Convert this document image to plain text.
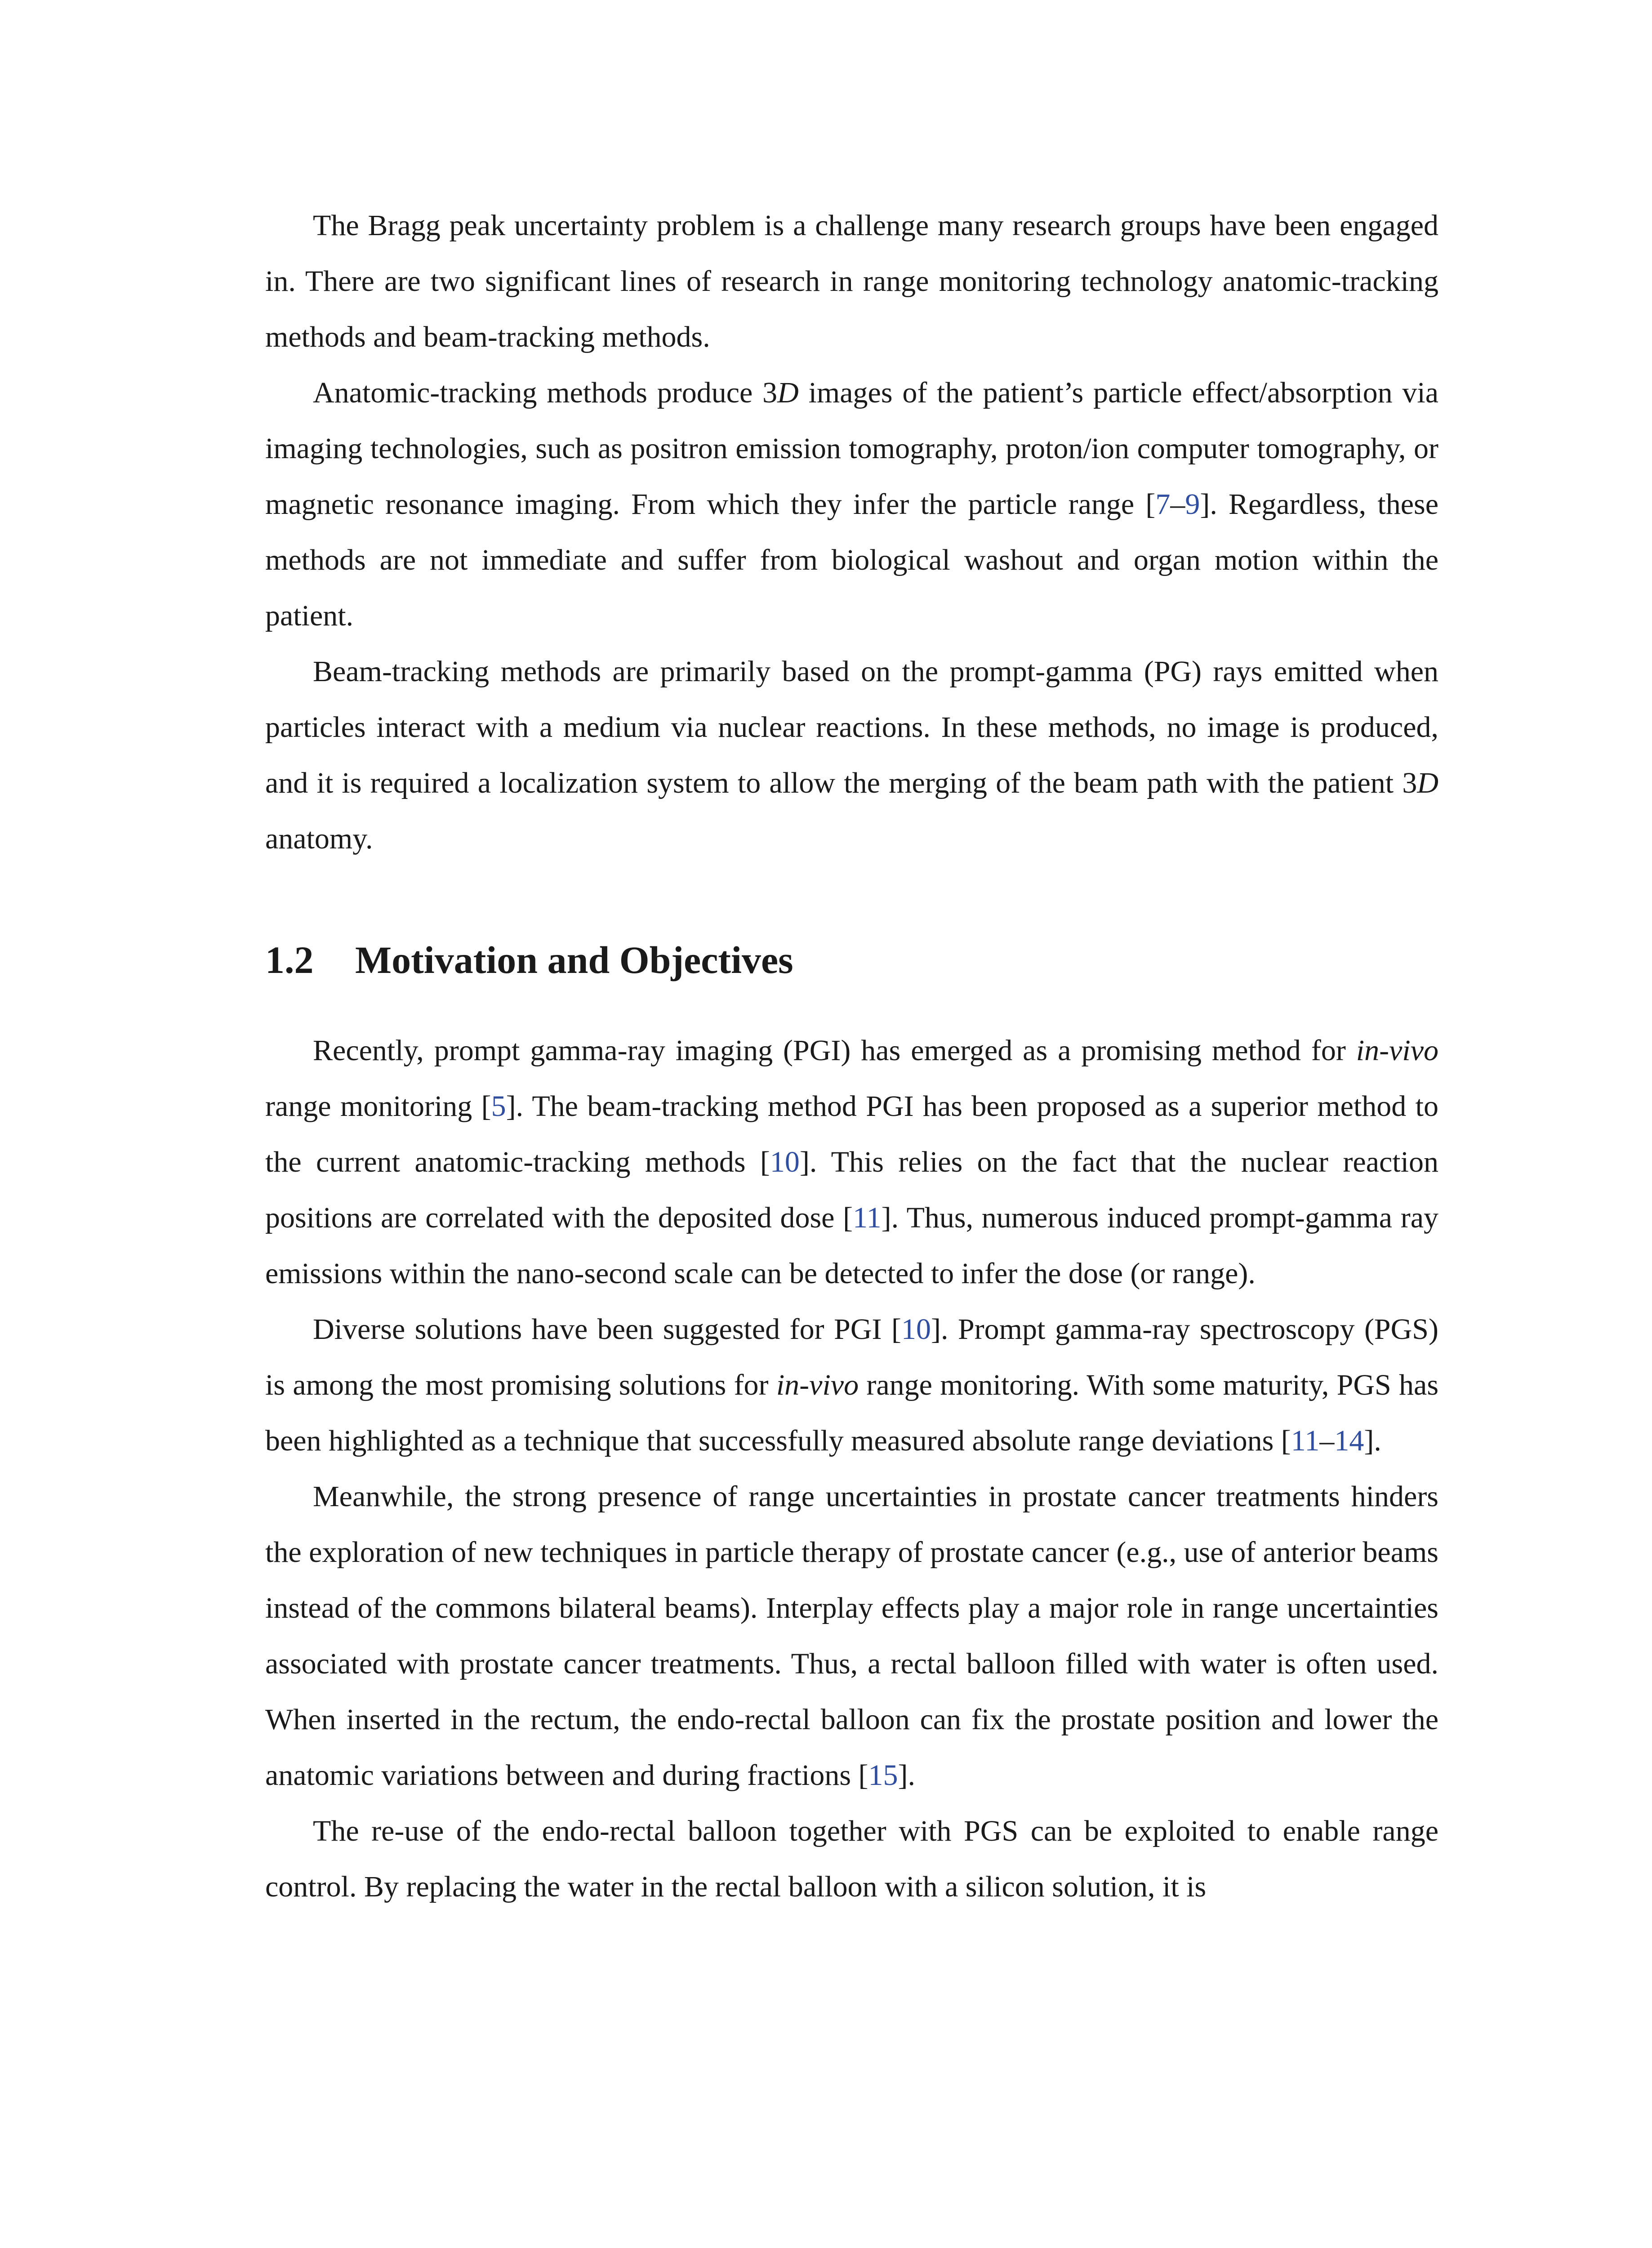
The Bragg peak uncertainty problem is a challenge many research groups have been engaged in. There are two significant lines of research in range monitoring technology anatomic-tracking methods and beam-tracking methods.

Anatomic-tracking methods produce 3D images of the patient’s particle effect/absorption via imaging technologies, such as positron emission tomography, proton/ion computer tomography, or magnetic resonance imaging. From which they infer the particle range [7–9]. Regardless, these methods are not immediate and suffer from biological washout and organ motion within the patient.

Beam-tracking methods are primarily based on the prompt-gamma (PG) rays emitted when particles interact with a medium via nuclear reactions. In these methods, no image is produced, and it is required a localization system to allow the merging of the beam path with the patient 3D anatomy.

1.2 Motivation and Objectives

Recently, prompt gamma-ray imaging (PGI) has emerged as a promising method for in-vivo range monitoring [5]. The beam-tracking method PGI has been proposed as a superior method to the current anatomic-tracking methods [10]. This relies on the fact that the nuclear reaction positions are correlated with the deposited dose [11]. Thus, numerous induced prompt-gamma ray emissions within the nano-second scale can be detected to infer the dose (or range).

Diverse solutions have been suggested for PGI [10]. Prompt gamma-ray spectroscopy (PGS) is among the most promising solutions for in-vivo range monitoring. With some maturity, PGS has been highlighted as a technique that successfully measured absolute range deviations [11–14].

Meanwhile, the strong presence of range uncertainties in prostate cancer treatments hinders the exploration of new techniques in particle therapy of prostate cancer (e.g., use of anterior beams instead of the commons bilateral beams). Interplay effects play a major role in range uncertainties associated with prostate cancer treatments. Thus, a rectal balloon filled with water is often used. When inserted in the rectum, the endo-rectal balloon can fix the prostate position and lower the anatomic variations between and during fractions [15].

The re-use of the endo-rectal balloon together with PGS can be exploited to enable range control. By replacing the water in the rectal balloon with a silicon solution, it is
